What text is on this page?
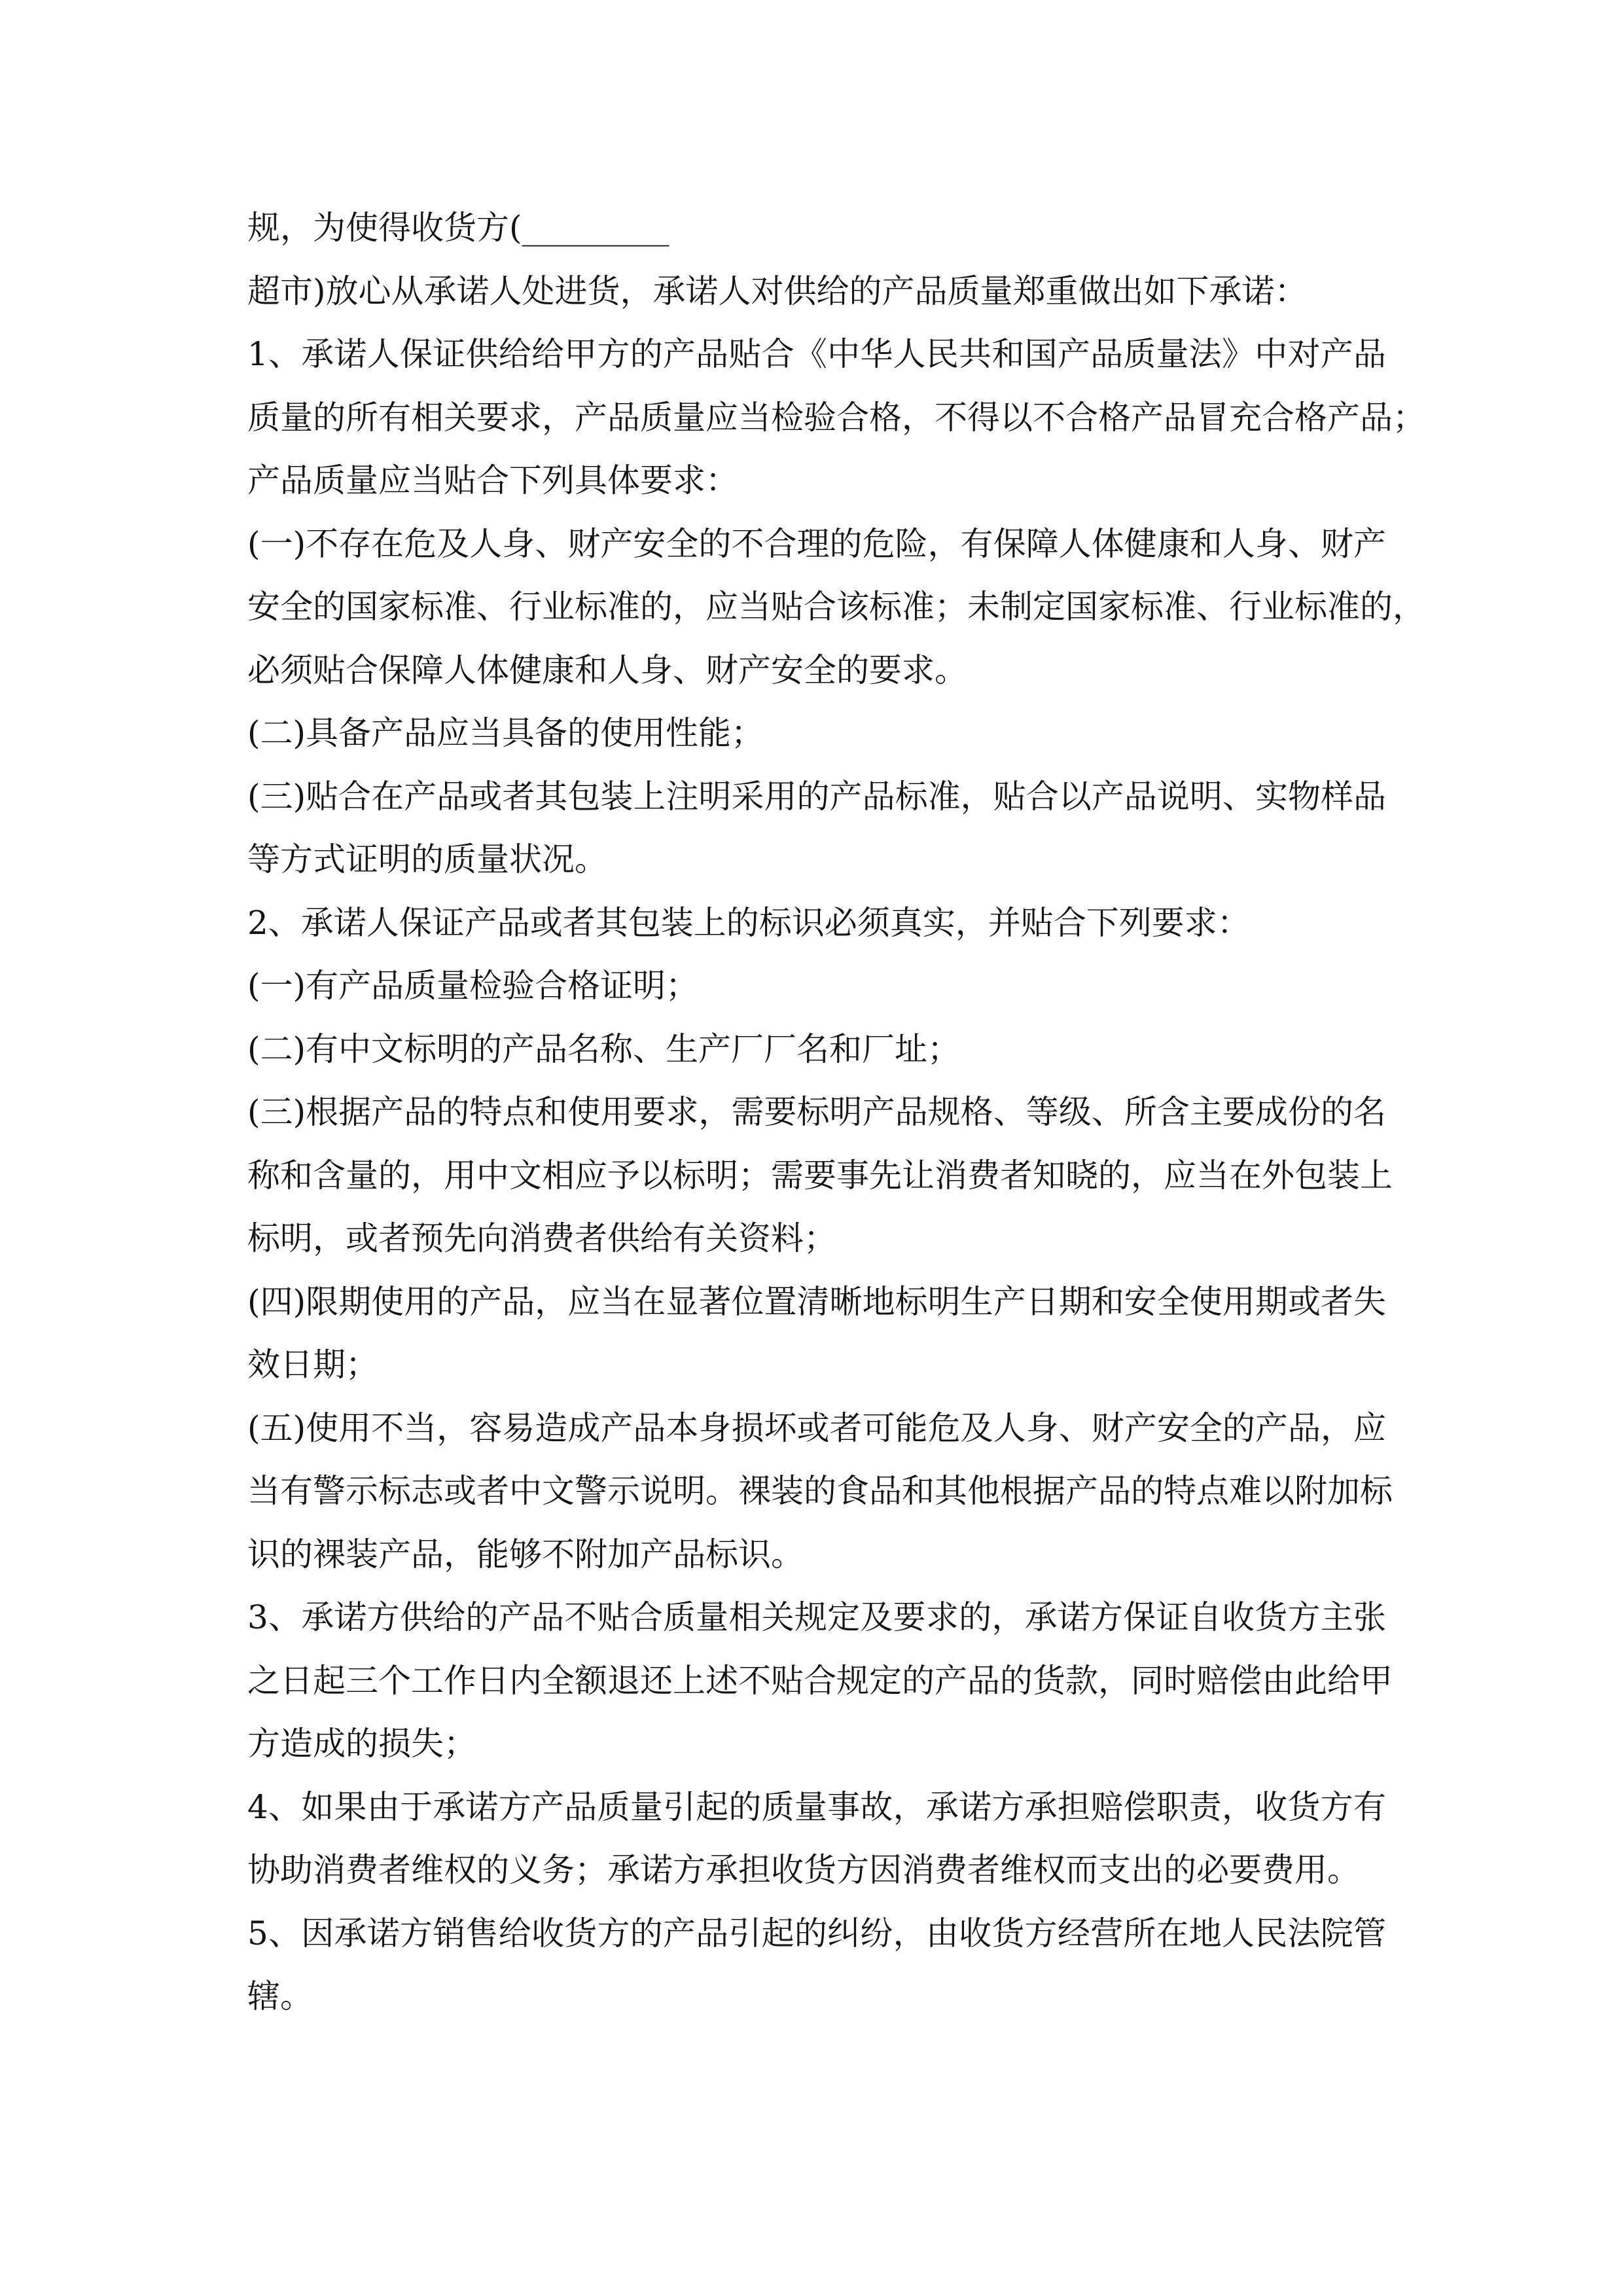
规，为使得收货方(_________
超市)放心从承诺人处进货，承诺人对供给的产品质量郑重做出如下承诺：
1、承诺人保证供给给甲方的产品贴合《中华人民共和国产品质量法》中对产品
质量的所有相关要求，产品质量应当检验合格，不得以不合格产品冒充合格产品；
产品质量应当贴合下列具体要求：
(一)不存在危及人身、财产安全的不合理的危险，有保障人体健康和人身、财产
安全的国家标准、行业标准的，应当贴合该标准；未制定国家标准、行业标准的，
必须贴合保障人体健康和人身、财产安全的要求。
(二)具备产品应当具备的使用性能；
(三)贴合在产品或者其包装上注明采用的产品标准，贴合以产品说明、实物样品
等方式证明的质量状况。
2、承诺人保证产品或者其包装上的标识必须真实，并贴合下列要求：
(一)有产品质量检验合格证明；
(二)有中文标明的产品名称、生产厂厂名和厂址；
(三)根据产品的特点和使用要求，需要标明产品规格、等级、所含主要成份的名
称和含量的，用中文相应予以标明；需要事先让消费者知晓的，应当在外包装上
标明，或者预先向消费者供给有关资料；
(四)限期使用的产品，应当在显著位置清晰地标明生产日期和安全使用期或者失
效日期；
(五)使用不当，容易造成产品本身损坏或者可能危及人身、财产安全的产品，应
当有警示标志或者中文警示说明。裸装的食品和其他根据产品的特点难以附加标
识的裸装产品，能够不附加产品标识。
3、承诺方供给的产品不贴合质量相关规定及要求的，承诺方保证自收货方主张
之日起三个工作日内全额退还上述不贴合规定的产品的货款，同时赔偿由此给甲
方造成的损失；
4、如果由于承诺方产品质量引起的质量事故，承诺方承担赔偿职责，收货方有
协助消费者维权的义务；承诺方承担收货方因消费者维权而支出的必要费用。
5、因承诺方销售给收货方的产品引起的纠纷，由收货方经营所在地人民法院管
辖。
